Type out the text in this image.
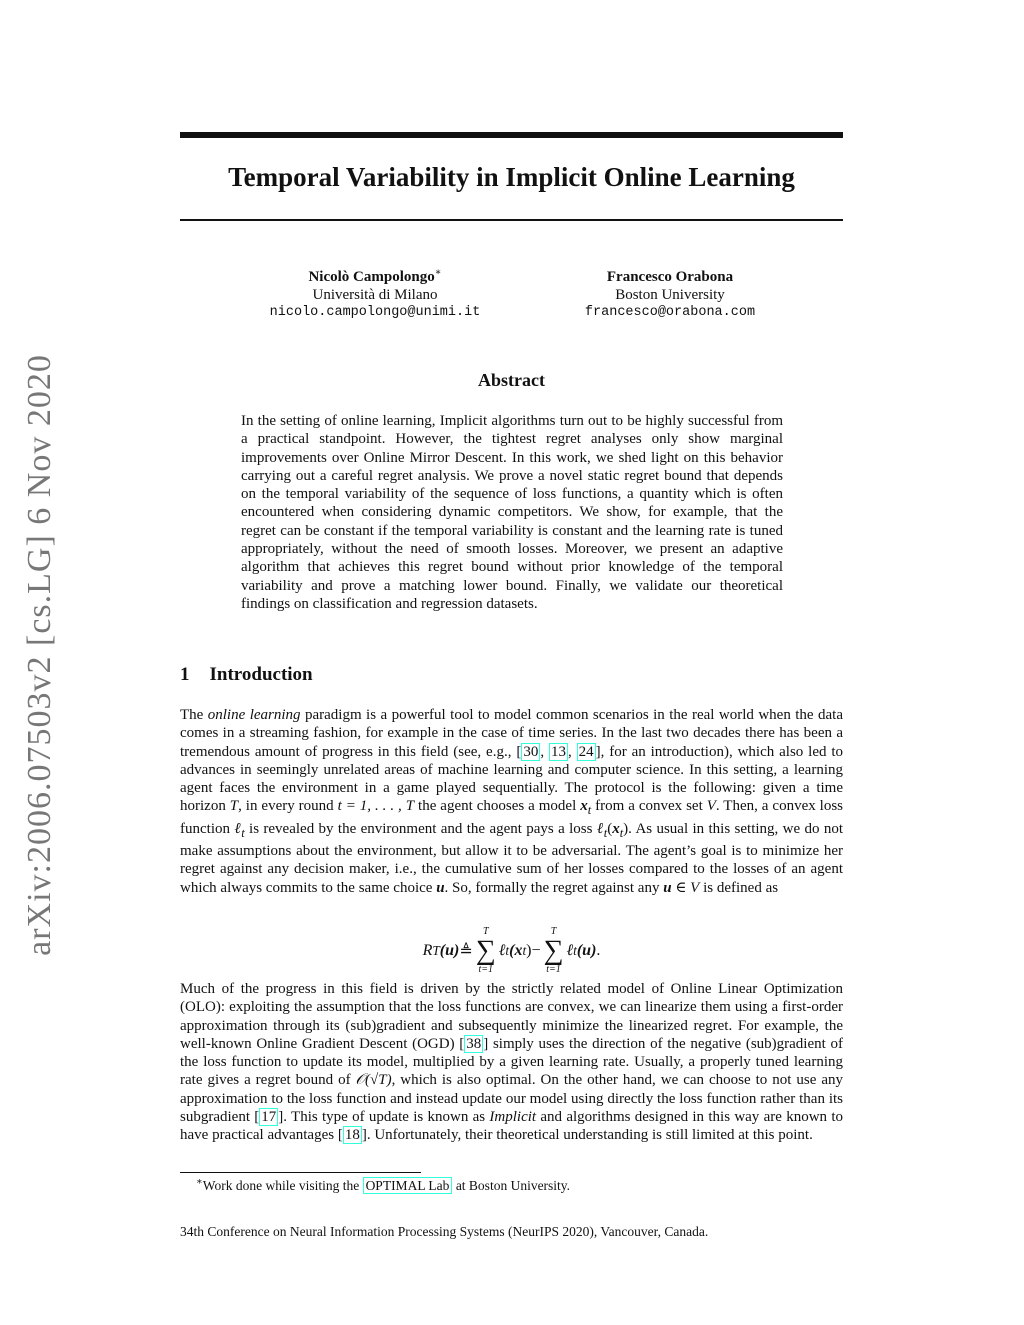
arXiv:2006.07503v2 [cs.LG] 6 Nov 2020
Temporal Variability in Implicit Online Learning
Nicolò Campolongo∗
Università di Milano
nicolo.campolongo@unimi.it
Francesco Orabona
Boston University
francesco@orabona.com
Abstract
In the setting of online learning, Implicit algorithms turn out to be highly successful from a practical standpoint. However, the tightest regret analyses only show marginal improvements over Online Mirror Descent. In this work, we shed light on this behavior carrying out a careful regret analysis. We prove a novel static regret bound that depends on the temporal variability of the sequence of loss functions, a quantity which is often encountered when considering dynamic competitors. We show, for example, that the regret can be constant if the temporal variability is constant and the learning rate is tuned appropriately, without the need of smooth losses. Moreover, we present an adaptive algorithm that achieves this regret bound without prior knowledge of the temporal variability and prove a matching lower bound. Finally, we validate our theoretical findings on classification and regression datasets.
1 Introduction
The online learning paradigm is a powerful tool to model common scenarios in the real world when the data comes in a streaming fashion, for example in the case of time series. In the last two decades there has been a tremendous amount of progress in this field (see, e.g., [ 30 , 13 , 24 ], for an introduction), which also led to advances in seemingly unrelated areas of machine learning and computer science. In this setting, a learning agent faces the environment in a game played sequentially. The protocol is the following: given a time horizon T, in every round t = 1, . . . , T the agent chooses a model $x_t$ from a convex set V. Then, a convex loss function ℓ$_t$ is revealed by the environment and the agent pays a loss $\ell_t(x_t)$. As usual in this setting, we do not make assumptions about the environment, but allow it to be adversarial. The agent’s goal is to minimize her regret against any decision maker, i.e., the cumulative sum of her losses compared to the losses of an agent which always commits to the same choice u. So, formally the regret against any u ∈ V is defined as
R T (u) ≜
T
∑
t=1
ℓ t (x t ) −
T
∑
t=1
ℓ t (u) .
Much of the progress in this field is driven by the strictly related model of Online Linear Optimization (OLO): exploiting the assumption that the loss functions are convex, we can linearize them using a first-order approximation through its (sub)gradient and subsequently minimize the linearized regret. For example, the well-known Online Gradient Descent (OGD) [ 38 ] simply uses the direction of the negative (sub)gradient of the loss function to update its model, multiplied by a given learning rate. Usually, a properly tuned learning rate gives a regret bound of 𝒪(√T), which is also optimal. On the other hand, we can choose to not use any approximation to the loss function and instead update our model using directly the loss function rather than its subgradient [ 17 ]. This type of update is known as Implicit and algorithms designed in this way are known to have practical advantages [ 18 ]. Unfortunately, their theoretical understanding is still limited at this point.
∗Work done while visiting the OPTIMAL Lab at Boston University.
34th Conference on Neural Information Processing Systems (NeurIPS 2020), Vancouver, Canada.
